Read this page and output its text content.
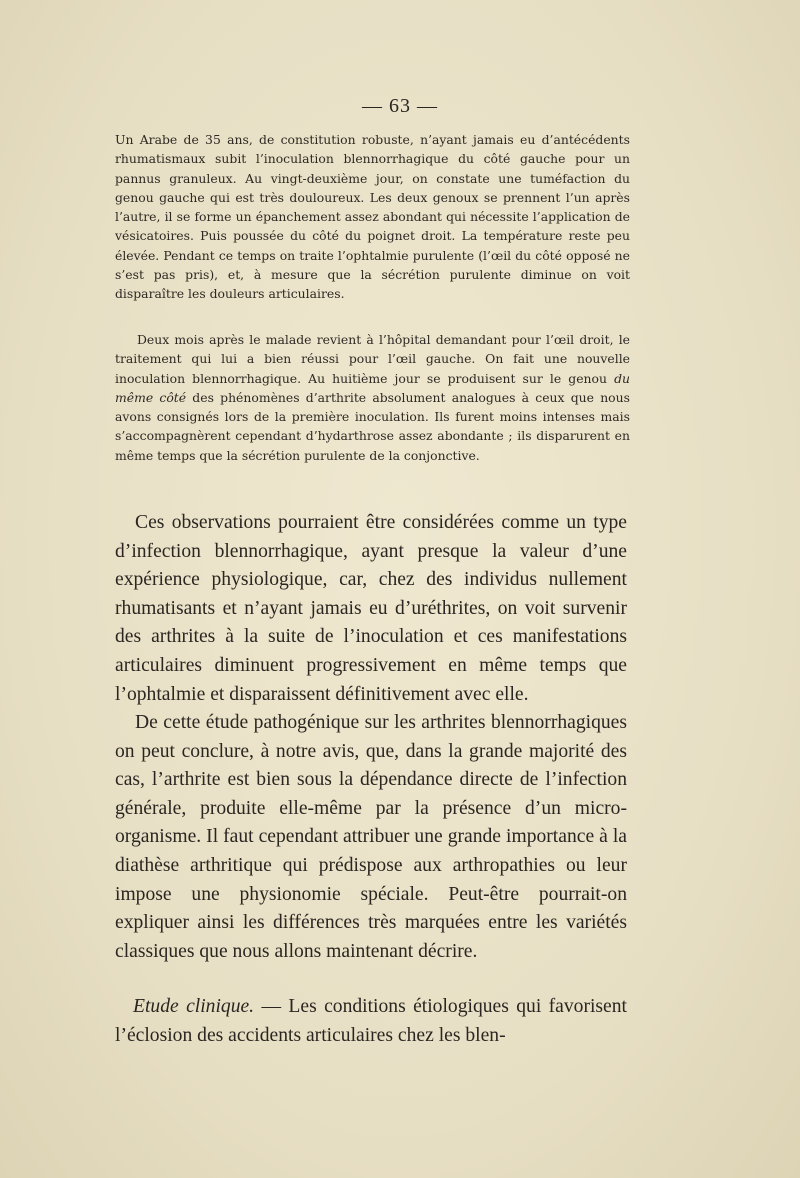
— 63 —

Un Arabe de 35 ans, de constitution robuste, n’ayant jamais eu d’antécédents rhumatismaux subit l’inoculation blennorrhagique du côté gauche pour un pannus granuleux. Au vingt-deuxième jour, on constate une tuméfaction du genou gauche qui est très douloureux. Les deux genoux se prennent l’un après l’autre, il se forme un épanchement assez abondant qui nécessite l’application de vésicatoires. Puis poussée du côté du poignet droit. La température reste peu élevée. Pendant ce temps on traite l’ophtalmie purulente (l’œil du côté opposé ne s’est pas pris), et, à mesure que la sécrétion purulente diminue on voit disparaître les douleurs articulaires.

Deux mois après le malade revient à l’hôpital demandant pour l’œil droit, le traitement qui lui a bien réussi pour l’œil gauche. On fait une nouvelle inoculation blennorrhagique. Au huitième jour se produisent sur le genou du même côté des phénomènes d’arthrite absolument analogues à ceux que nous avons consignés lors de la première inoculation. Ils furent moins intenses mais s’accompagnèrent cependant d’hydarthrose assez abondante ; ils disparurent en même temps que la sécrétion purulente de la conjonctive.

Ces observations pourraient être considérées comme un type d’infection blennorrhagique, ayant presque la valeur d’une expérience physiologique, car, chez des individus nullement rhumatisants et n’ayant jamais eu d’uréthrites, on voit survenir des arthrites à la suite de l’inoculation et ces manifestations articulaires diminuent progressivement en même temps que l’ophtalmie et disparaissent définitivement avec elle.

De cette étude pathogénique sur les arthrites blennorrhagiques on peut conclure, à notre avis, que, dans la grande majorité des cas, l’arthrite est bien sous la dépendance directe de l’infection générale, produite elle-même par la présence d’un micro-organisme. Il faut cependant attribuer une grande importance à la diathèse arthritique qui prédispose aux arthropathies ou leur impose une physionomie spéciale. Peut-être pourrait-on expliquer ainsi les différences très marquées entre les variétés classiques que nous allons maintenant décrire.

Etude clinique. — Les conditions étiologiques qui favorisent l’éclosion des accidents articulaires chez les blen-
